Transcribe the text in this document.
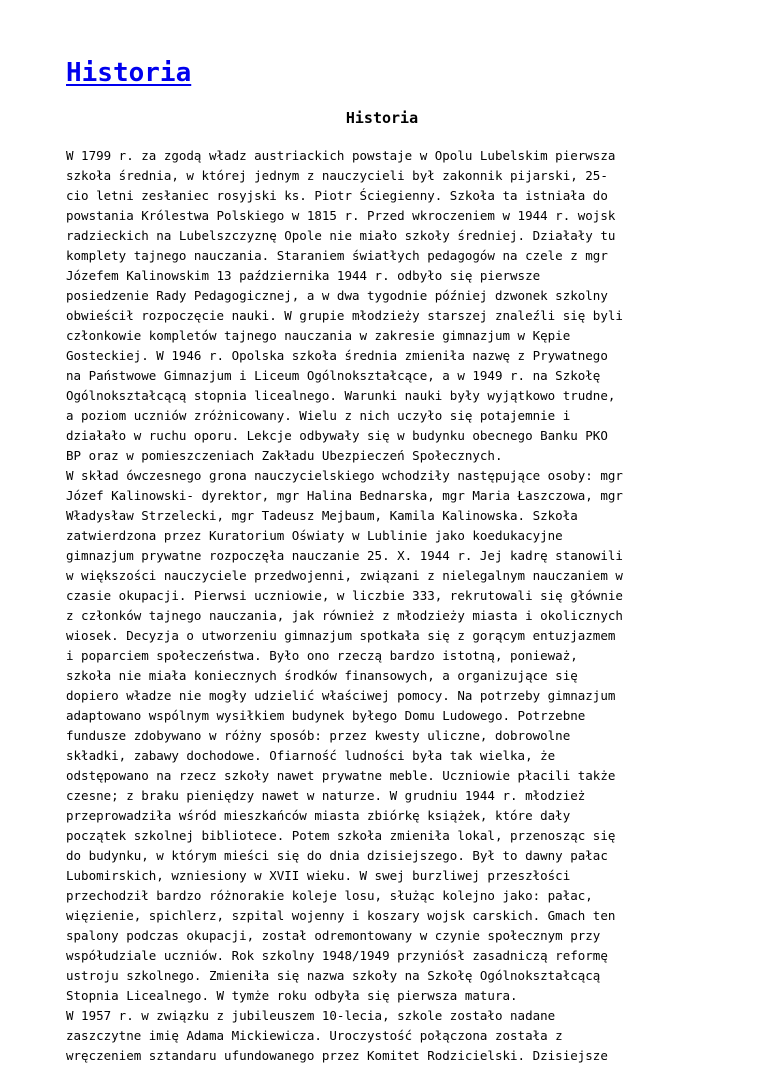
Historia
Historia
W 1799 r. za zgodą władz austriackich powstaje w Opolu Lubelskim pierwsza
szkoła średnia, w której jednym z nauczycieli był zakonnik pijarski, 25-
cio letni zesłaniec rosyjski ks. Piotr Ściegienny. Szkoła ta istniała do
powstania Królestwa Polskiego w 1815 r. Przed wkroczeniem w 1944 r. wojsk
radzieckich na Lubelszczyznę Opole nie miało szkoły średniej. Działały tu
komplety tajnego nauczania. Staraniem światłych pedagogów na czele z mgr
Józefem Kalinowskim 13 października 1944 r. odbyło się pierwsze
posiedzenie Rady Pedagogicznej, a w dwa tygodnie później dzwonek szkolny
obwieścił rozpoczęcie nauki. W grupie młodzieży starszej znaleźli się byli
członkowie kompletów tajnego nauczania w zakresie gimnazjum w Kępie
Gosteckiej. W 1946 r. Opolska szkoła średnia zmieniła nazwę z Prywatnego
na Państwowe Gimnazjum i Liceum Ogólnokształcące, a w 1949 r. na Szkołę
Ogólnokształcącą stopnia licealnego. Warunki nauki były wyjątkowo trudne,
a poziom uczniów zróżnicowany. Wielu z nich uczyło się potajemnie i
działało w ruchu oporu. Lekcje odbywały się w budynku obecnego Banku PKO
BP oraz w pomieszczeniach Zakładu Ubezpieczeń Społecznych.
W skład ówczesnego grona nauczycielskiego wchodziły następujące osoby: mgr
Józef Kalinowski- dyrektor, mgr Halina Bednarska, mgr Maria Łaszczowa, mgr
Władysław Strzelecki, mgr Tadeusz Mejbaum, Kamila Kalinowska. Szkoła
zatwierdzona przez Kuratorium Oświaty w Lublinie jako koedukacyjne
gimnazjum prywatne rozpoczęła nauczanie 25. X. 1944 r. Jej kadrę stanowili
w większości nauczyciele przedwojenni, związani z nielegalnym nauczaniem w
czasie okupacji. Pierwsi uczniowie, w liczbie 333, rekrutowali się głównie
z członków tajnego nauczania, jak również z młodzieży miasta i okolicznych
wiosek. Decyzja o utworzeniu gimnazjum spotkała się z gorącym entuzjazmem
i poparciem społeczeństwa. Było ono rzeczą bardzo istotną, ponieważ,
szkoła nie miała koniecznych środków finansowych, a organizujące się
dopiero władze nie mogły udzielić właściwej pomocy. Na potrzeby gimnazjum
adaptowano wspólnym wysiłkiem budynek byłego Domu Ludowego. Potrzebne
fundusze zdobywano w różny sposób: przez kwesty uliczne, dobrowolne
składki, zabawy dochodowe. Ofiarność ludności była tak wielka, że
odstępowano na rzecz szkoły nawet prywatne meble. Uczniowie płacili także
czesne; z braku pieniędzy nawet w naturze. W grudniu 1944 r. młodzież
przeprowadziła wśród mieszkańców miasta zbiórkę książek, które dały
początek szkolnej bibliotece. Potem szkoła zmieniła lokal, przenosząc się
do budynku, w którym mieści się do dnia dzisiejszego. Był to dawny pałac
Lubomirskich, wzniesiony w XVII wieku. W swej burzliwej przeszłości
przechodził bardzo różnorakie koleje losu, służąc kolejno jako: pałac,
więzienie, spichlerz, szpital wojenny i koszary wojsk carskich. Gmach ten
spalony podczas okupacji, został odremontowany w czynie społecznym przy
współudziale uczniów. Rok szkolny 1948/1949 przyniósł zasadniczą reformę
ustroju szkolnego. Zmieniła się nazwa szkoły na Szkołę Ogólnokształcącą
Stopnia Licealnego. W tymże roku odbyła się pierwsza matura.
W 1957 r. w związku z jubileuszem 10-lecia, szkole zostało nadane
zaszczytne imię Adama Mickiewicza. Uroczystość połączona została z
wręczeniem sztandaru ufundowanego przez Komitet Rodzicielski. Dzisiejsze
